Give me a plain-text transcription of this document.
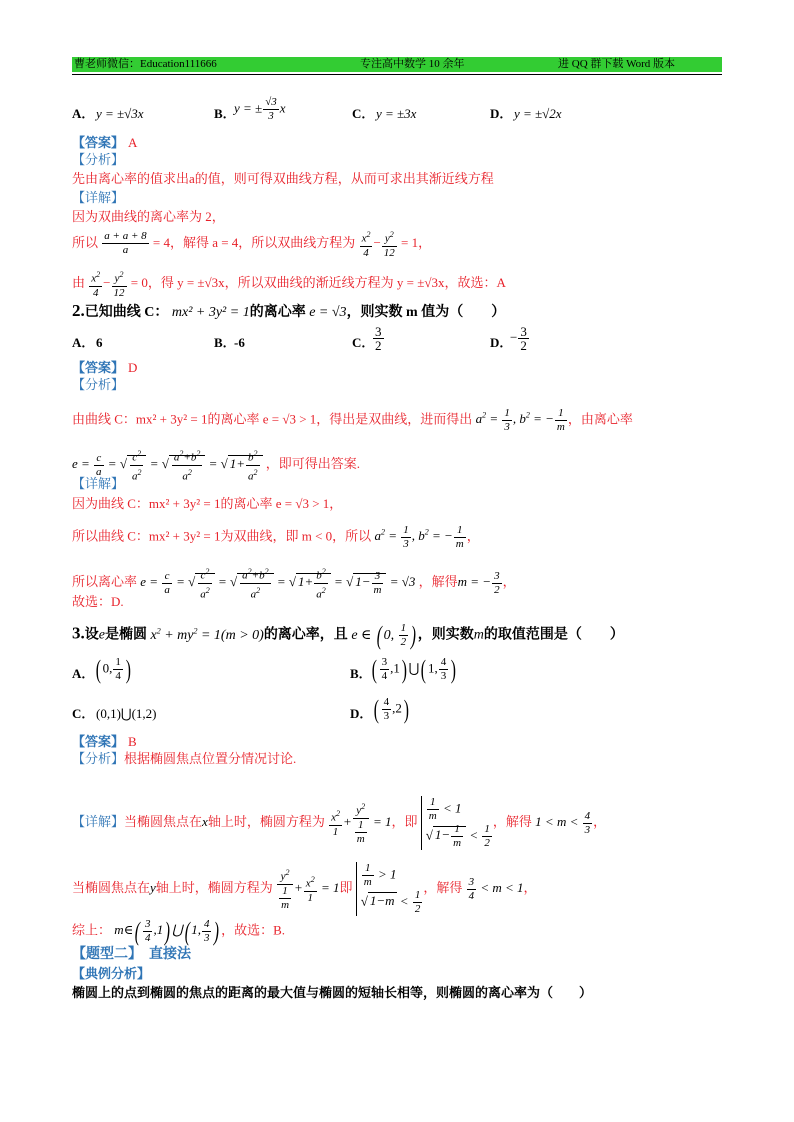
曹老师微信：Education111666	专注高中数学 10 余年	进 QQ 群下载 Word 版本
A． y = ±√3x	B．
y = ± $\frac{√3}{3}$ x	C． y = ±3x	D． y = ±√2x
【答案】 A
【分析】
先由离心率的值求出a的值，则可得双曲线方程，从而可求出其渐近线方程
【详解】
因为双曲线的离心率为 2，
所以 $\frac{a + a + 8}{a} = 4$，解得 a = 4，所以双曲线方程为 $\frac{x^2}{4} - \frac{y^2}{12} = 1$，
由 $\frac{x^2}{4} - \frac{y^2}{12} = 0$，得 y = ±√3x，所以双曲线的渐近线方程为 y = ±√3x，故选：A
2.已知曲线 C： mx² + 3y² = 1的离心率 e = √3，则实数 m 值为（　　）
A． 6	B．
-6	C．
$\frac{3}{2}$	D．
− $\frac{3}{2}$
【答案】 D
【分析】
由曲线 C：mx² + 3y² = 1的离心率 e = √3 > 1，得出是双曲线，进而得出 $a^2 = \frac{1}{3}$ , $b^2$ = − $\frac{1}{m}$ ，由离心率
$e = \frac{c}{a}$ = √ $\frac{c^2}{a^2}$ = √ $\frac{a^2+b^2}{a^2}$ = √ $1+ \frac{b^2}{a^2}$ ，即可得出答案.
【详解】
因为曲线 C：mx² + 3y² = 1的离心率 e = √3 > 1，
所以曲线 C：mx² + 3y² = 1为双曲线，即 m < 0，所以 $a^2 = \frac{1}{3}$ , $b^2$ = − $\frac{1}{m}$ ，
所以离心率 $e = \frac{c}{a}$ = √ $\frac{c^2}{a^2}$ = √ $\frac{a^2+b^2}{a^2}$ = √ $1+ \frac{b^2}{a^2}$ = √ $1- \frac{3}{m} = √3$ ，解得m = − $\frac{3}{2}$ ，
故选：D.
3.设e是椭圆 $x^2 + my^2 = 1(m > 0)$的离心率，且 e ∈ ( 0, $\frac{1}{2}$ ) ，则实数m的取值范围是（　　）
A． ( 0, $\frac{1}{4}$ )	B． ( $\frac{3}{4} ,1$) ⋃( 1, $\frac{4}{3}$ )
C． (0,1)⋃(1,2)	D． ( $\frac{4}{3} ,2$)
【答案】 B
【分析】根据椭圆焦点位置分情况讨论.
【详解】当椭圆焦点在x轴上时，椭圆方程为 $\frac{x^2}{1} + \frac{y^2}{\frac{1}{m}} = 1$，即 $\frac{1}{m} < 1$
√ $1- \frac{1}{m} < \frac{1}{2}$
，解得 $1 < m < \frac{4}{3}$ ，
当椭圆焦点在y轴上时，椭圆方程为 $\frac{y^2}{\frac{1}{m}} + \frac{x^2}{1} = 1$即 $\frac{1}{m} > 1$
√ $1-m < \frac{1}{2}$
，解得 $\frac{3}{4} < m < 1$，
综上： m∈( $\frac{3}{4} ,1$) ⋃( 1, $\frac{4}{3}$ ) ，故选：B.
【题型二】 直接法
【典例分析】
椭圆上的点到椭圆的焦点的距离的最大值与椭圆的短轴长相等，则椭圆的离心率为（　　）
